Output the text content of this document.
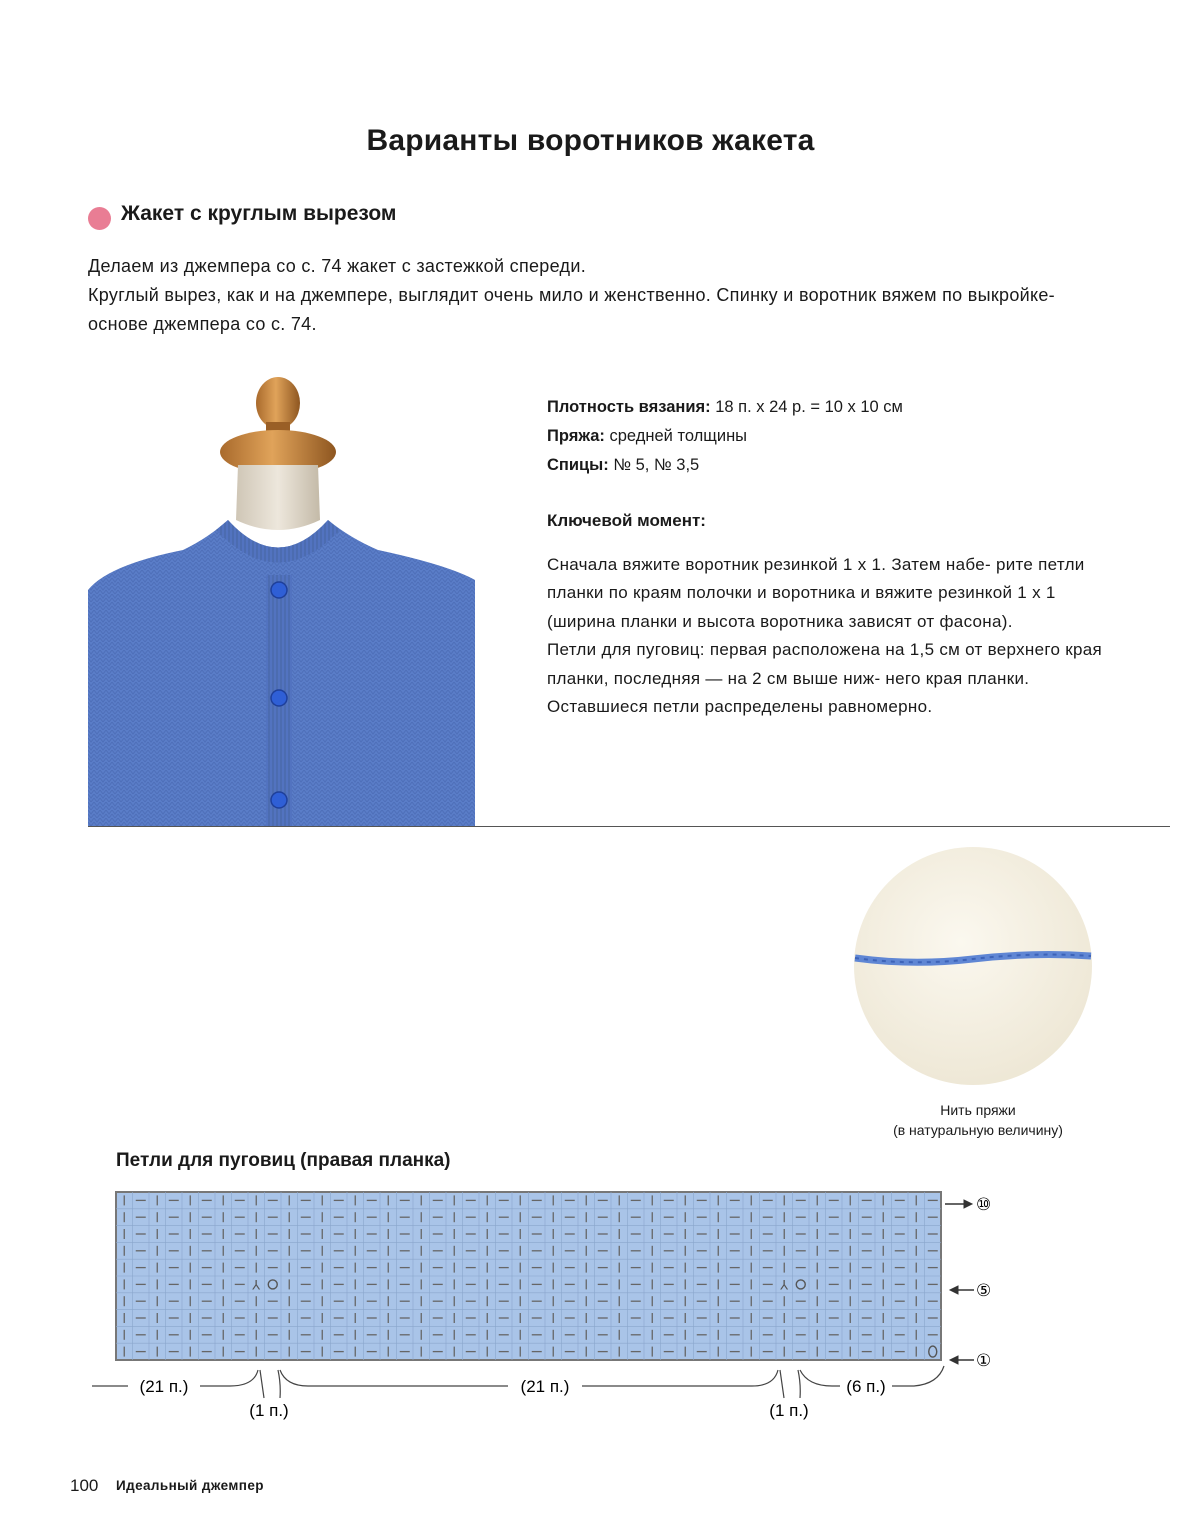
Варианты воротников жакета
Жакет с круглым вырезом

Делаем из джемпера со с. 74 жакет с застежкой спереди.

Круглый вырез, как и на джемпере, выглядит очень мило и женственно. Спинку и воротник вяжем по выкройке-основе джемпера со с. 74.

Плотность вязания: 18 п. х 24 р. = 10 х 10 см
Пряжа: средней толщины
Спицы: № 5, № 3,5
Ключевой момент:

Сначала вяжите воротник резинкой 1 х 1. Затем набе- рите петли планки по краям полочки и воротника и вяжите резинкой 1 х 1 (ширина планки и высота воротника зависят от фасона).

Петли для пуговиц: первая расположена на 1,5 см от верхнего края планки, последняя — на 2 см выше ниж- него края планки. Оставшиеся петли распределены равномерно.

Нить пряжи
(в натуральную величину)
Петли для пуговиц (правая планка)
⅄	⅄
⑩
⑤
①
(21 п.)	(21 п.)	(6 п.)
(1 п.)	(1 п.)
100 Идеальный джемпер
